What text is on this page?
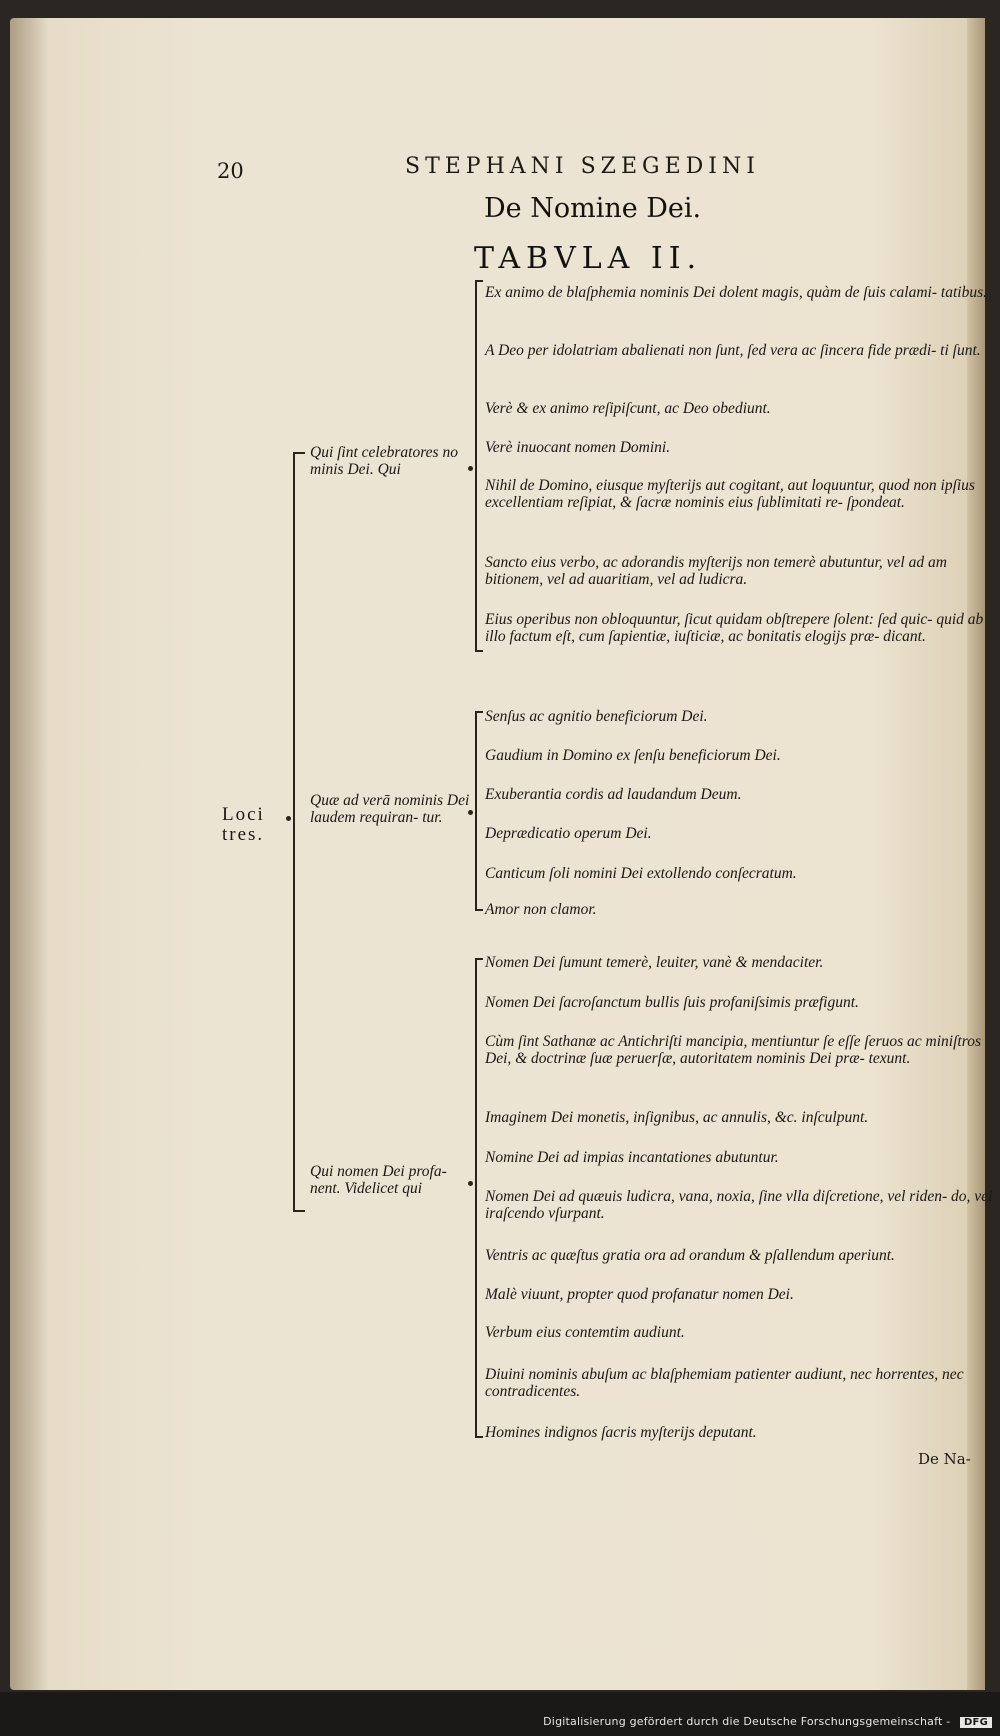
20	STEPHANI SZEGEDINI
De Nomine Dei.
TABVLA II.
Loci
tres.
Qui ſint celebratores no minis Dei. Qui
Ex animo de blaſphemia nominis Dei dolent magis, quàm de ſuis calami- tatibus.
A Deo per idolatriam abalienati non ſunt, ſed vera ac ſincera fide prædi- ti ſunt.
Verè & ex animo reſipiſcunt, ac Deo obediunt.
Verè inuocant nomen Domini.
Nihil de Domino, eiusque myſterijs aut cogitant, aut loquuntur, quod non ipſius excellentiam reſipiat, & ſacræ nominis eius ſublimitati re- ſpondeat.
Sancto eius verbo, ac adorandis myſterijs non temerè abutuntur, vel ad am bitionem, vel ad auaritiam, vel ad ludicra.
Eius operibus non obloquuntur, ſicut quidam obſtrepere ſolent: ſed quic- quid ab illo factum eſt, cum ſapientiæ, iuſticiæ, ac bonitatis elogijs præ- dicant.
Quæ ad verā nominis Dei laudem requiran- tur.
Senſus ac agnitio beneficiorum Dei.
Gaudium in Domino ex ſenſu beneficiorum Dei.
Exuberantia cordis ad laudandum Deum.
Deprædicatio operum Dei.
Canticum ſoli nomini Dei extollendo conſecratum.
Amor non clamor.
Qui nomen Dei profa- nent. Videlicet qui
Nomen Dei ſumunt temerè, leuiter, vanè & mendaciter.
Nomen Dei ſacroſanctum bullis ſuis profaniſsimis præfigunt.
Cùm ſint Sathanæ ac Antichriſti mancipia, mentiuntur ſe eſſe ſeruos ac miniſtros Dei, & doctrinæ ſuæ peruerſæ, autoritatem nominis Dei præ- texunt.
Imaginem Dei monetis, inſignibus, ac annulis, &c. inſculpunt.
Nomine Dei ad impias incantationes abutuntur.
Nomen Dei ad quæuis ludicra, vana, noxia, ſine vlla diſcretione, vel riden- do, vel iraſcendo vſurpant.
Ventris ac quæſtus gratia ora ad orandum & pſallendum aperiunt.
Malè viuunt, propter quod profanatur nomen Dei.
Verbum eius contemtim audiunt.
Diuini nominis abuſum ac blaſphemiam patienter audiunt, nec horrentes, nec contradicentes.
Homines indignos ſacris myſterijs deputant.
De Na-
Digitalisierung gefördert durch die Deutsche Forschungsgemeinschaft - DFG
